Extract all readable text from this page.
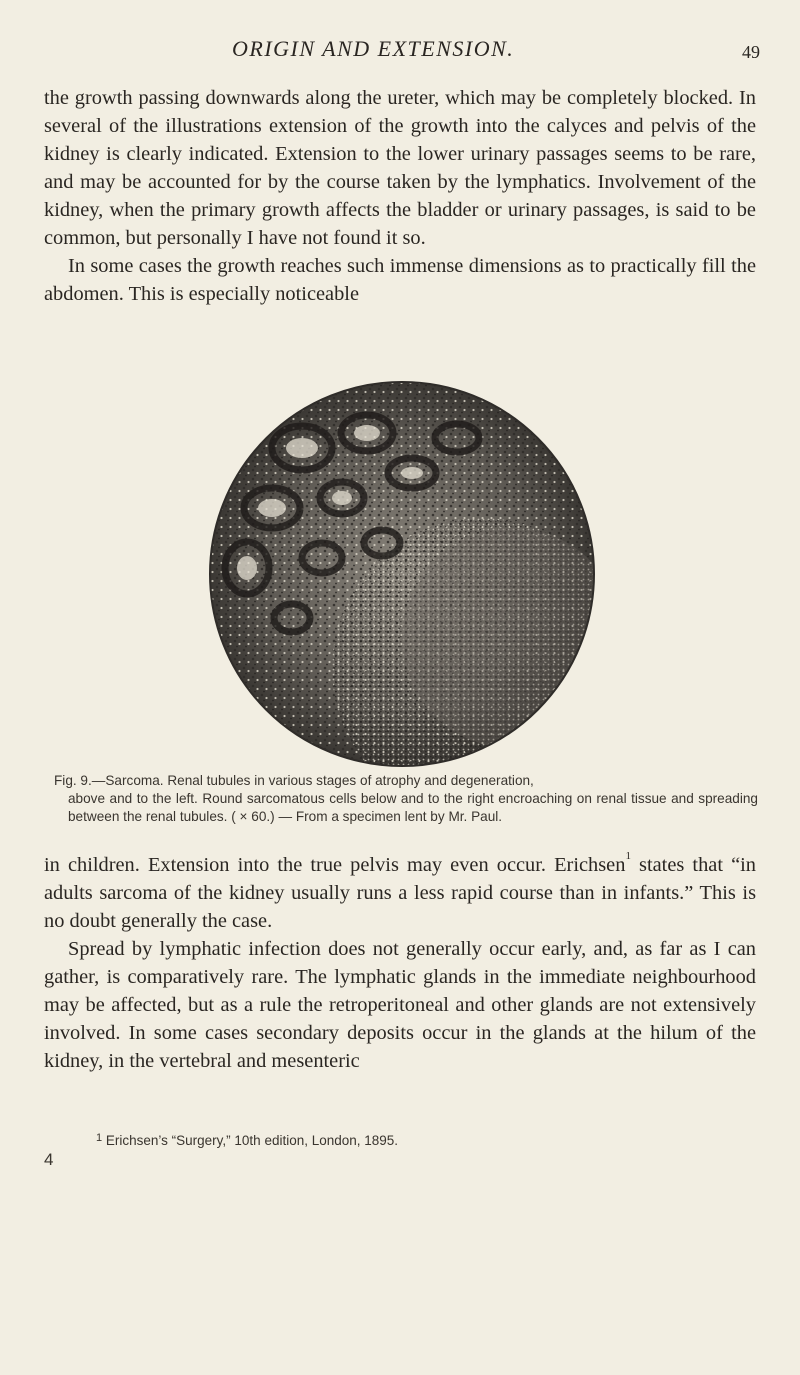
ORIGIN AND EXTENSION.	49

the growth passing downwards along the ureter, which may be completely blocked. In several of the illustrations extension of the growth into the calyces and pelvis of the kidney is clearly indicated. Extension to the lower urinary passages seems to be rare, and may be accounted for by the course taken by the lymphatics. Involvement of the kidney, when the primary growth affects the bladder or urinary passages, is said to be common, but personally I have not found it so.

In some cases the growth reaches such immense dimensions as to practically fill the abdomen. This is especially noticeable

Fig. 9.—Sarcoma. Renal tubules in various stages of atrophy and degeneration,
above and to the left. Round sarcomatous cells below and to the right encroaching on renal tissue and spreading between the renal tubules. ( × 60.) — From a specimen lent by Mr. Paul.

in children. Extension into the true pelvis may even occur. Erichsen$^1$ states that “in adults sarcoma of the kidney usually runs a less rapid course than in infants.” This is no doubt generally the case.

Spread by lymphatic infection does not generally occur early, and, as far as I can gather, is comparatively rare. The lymphatic glands in the immediate neighbourhood may be affected, but as a rule the retroperitoneal and other glands are not extensively involved. In some cases secondary deposits occur in the glands at the hilum of the kidney, in the vertebral and mesenteric

$^1$ Erichsen’s “Surgery,” 10th edition, London, 1895.
4
